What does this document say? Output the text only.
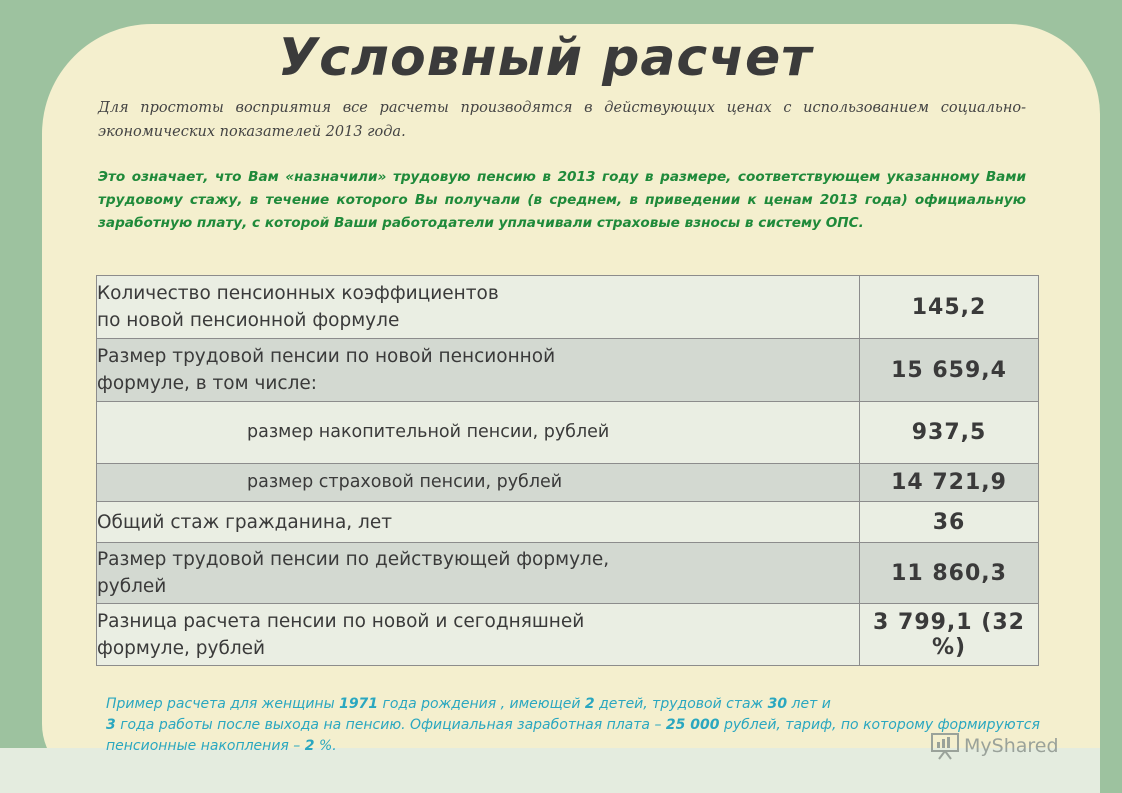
Условный расчет

Для простоты восприятия все расчеты производятся в действующих ценах с использованием социально-экономических показателей 2013 года.

Это означает, что Вам «назначили» трудовую пенсию в 2013 году в размере, соответствующем указанному Вами трудовому стажу, в течение которого Вы получали (в среднем, в приведении к ценам 2013 года) официальную заработную плату, с которой Ваши работодатели уплачивали страховые взносы в систему ОПС.

Количество пенсионных коэффициентов
по новой пенсионной формуле	145,2
Размер трудовой пенсии по новой пенсионной
формуле, в том числе:	15 659,4
размер накопительной пенсии, рублей	937,5
размер страховой пенсии, рублей	14 721,9
Общий стаж гражданина, лет	36
Размер трудовой пенсии по действующей формуле,
рублей	11 860,3
Разница расчета пенсии по новой и сегодняшней
формуле, рублей	3 799,1 (32 %)

Пример расчета для женщины 1971 года рождения , имеющей 2 детей, трудовой стаж 30 лет и
3 года работы после выхода на пенсию. Официальная заработная плата – 25 000 рублей, тариф, по которому формируются пенсионные накопления – 2 %.	MyShared
